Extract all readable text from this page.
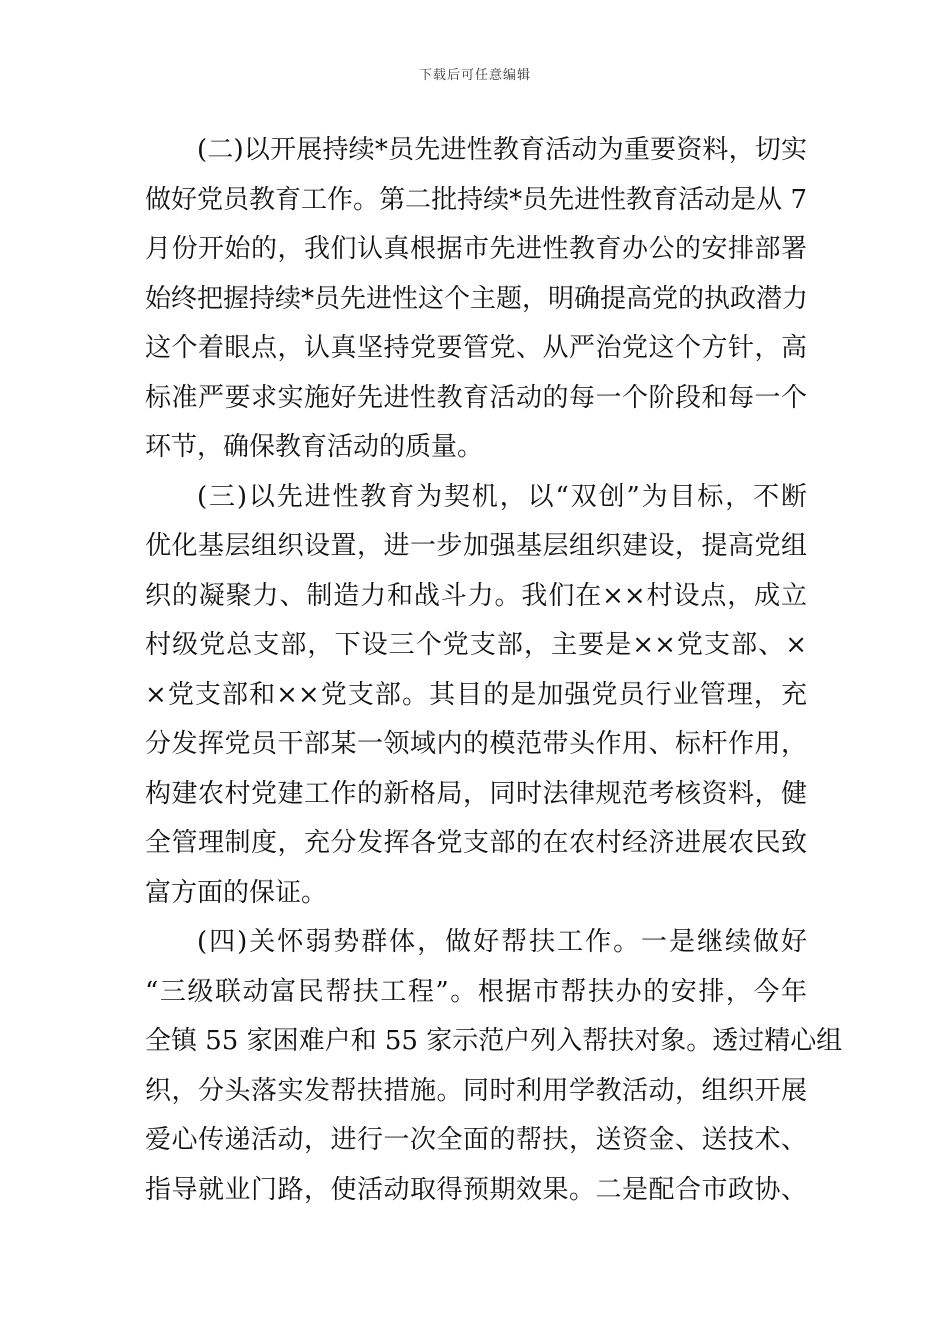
下载后可任意编辑
(二)以开展持续*员先进性教育活动为重要资料，切实
做好党员教育工作。第二批持续*员先进性教育活动是从 7
月份开始的，我们认真根据市先进性教育办公的安排部署
始终把握持续*员先进性这个主题，明确提高党的执政潜力
这个着眼点，认真坚持党要管党、从严治党这个方针，高
标准严要求实施好先进性教育活动的每一个阶段和每一个
环节，确保教育活动的质量。
(三)以先进性教育为契机，以“双创”为目标，不断
优化基层组织设置，进一步加强基层组织建设，提高党组
织的凝聚力、制造力和战斗力。我们在××村设点，成立
村级党总支部，下设三个党支部，主要是××党支部、×
×党支部和××党支部。其目的是加强党员行业管理，充
分发挥党员干部某一领域内的模范带头作用、标杆作用，
构建农村党建工作的新格局，同时法律规范考核资料，健
全管理制度，充分发挥各党支部的在农村经济进展农民致
富方面的保证。
(四)关怀弱势群体，做好帮扶工作。一是继续做好
“三级联动富民帮扶工程”。根据市帮扶办的安排，今年
全镇 55 家困难户和 55 家示范户列入帮扶对象。透过精心组
织，分头落实发帮扶措施。同时利用学教活动，组织开展
爱心传递活动，进行一次全面的帮扶，送资金、送技术、
指导就业门路，使活动取得预期效果。二是配合市政协、
